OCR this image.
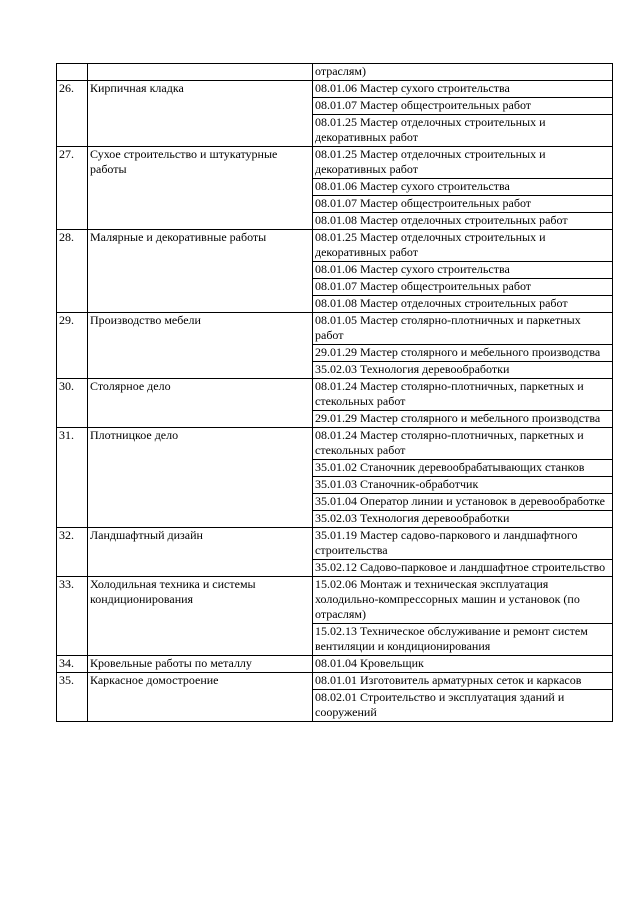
		отраслям)
26.	Кирпичная кладка	08.01.06 Мастер сухого строительства
		08.01.07 Мастер общестроительных работ
		08.01.25 Мастер отделочных строительных и декоративных работ
27.	Сухое строительство и штукатурные работы	08.01.25 Мастер отделочных строительных и декоративных работ
		08.01.06 Мастер сухого строительства
		08.01.07 Мастер общестроительных работ
		08.01.08 Мастер отделочных строительных работ
28.	Малярные и декоративные работы	08.01.25 Мастер отделочных строительных и декоративных работ
		08.01.06 Мастер сухого строительства
		08.01.07 Мастер общестроительных работ
		08.01.08 Мастер отделочных строительных работ
29.	Производство мебели	08.01.05 Мастер столярно-плотничных и паркетных работ
		29.01.29 Мастер столярного и мебельного производства
		35.02.03 Технология деревообработки
30.	Столярное дело	08.01.24 Мастер столярно-плотничных, паркетных и стекольных работ
		29.01.29 Мастер столярного и мебельного производства
31.	Плотницкое дело	08.01.24 Мастер столярно-плотничных, паркетных и стекольных работ
		35.01.02 Станочник деревообрабатывающих станков
		35.01.03 Станочник-обработчик
		35.01.04 Оператор линии и установок в деревообработке
		35.02.03 Технология деревообработки
32.	Ландшафтный дизайн	35.01.19 Мастер садово-паркового и ландшафтного строительства
		35.02.12 Садово-парковое и ландшафтное строительство
33.	Холодильная техника и системы кондиционирования	15.02.06 Монтаж и техническая эксплуатация холодильно-компрессорных машин и установок (по отраслям)
		15.02.13 Техническое обслуживание и ремонт систем вентиляции и кондиционирования
34.	Кровельные работы по металлу	08.01.04 Кровельщик
35.	Каркасное домостроение	08.01.01 Изготовитель арматурных сеток и каркасов
		08.02.01 Строительство и эксплуатация зданий и сооружений
